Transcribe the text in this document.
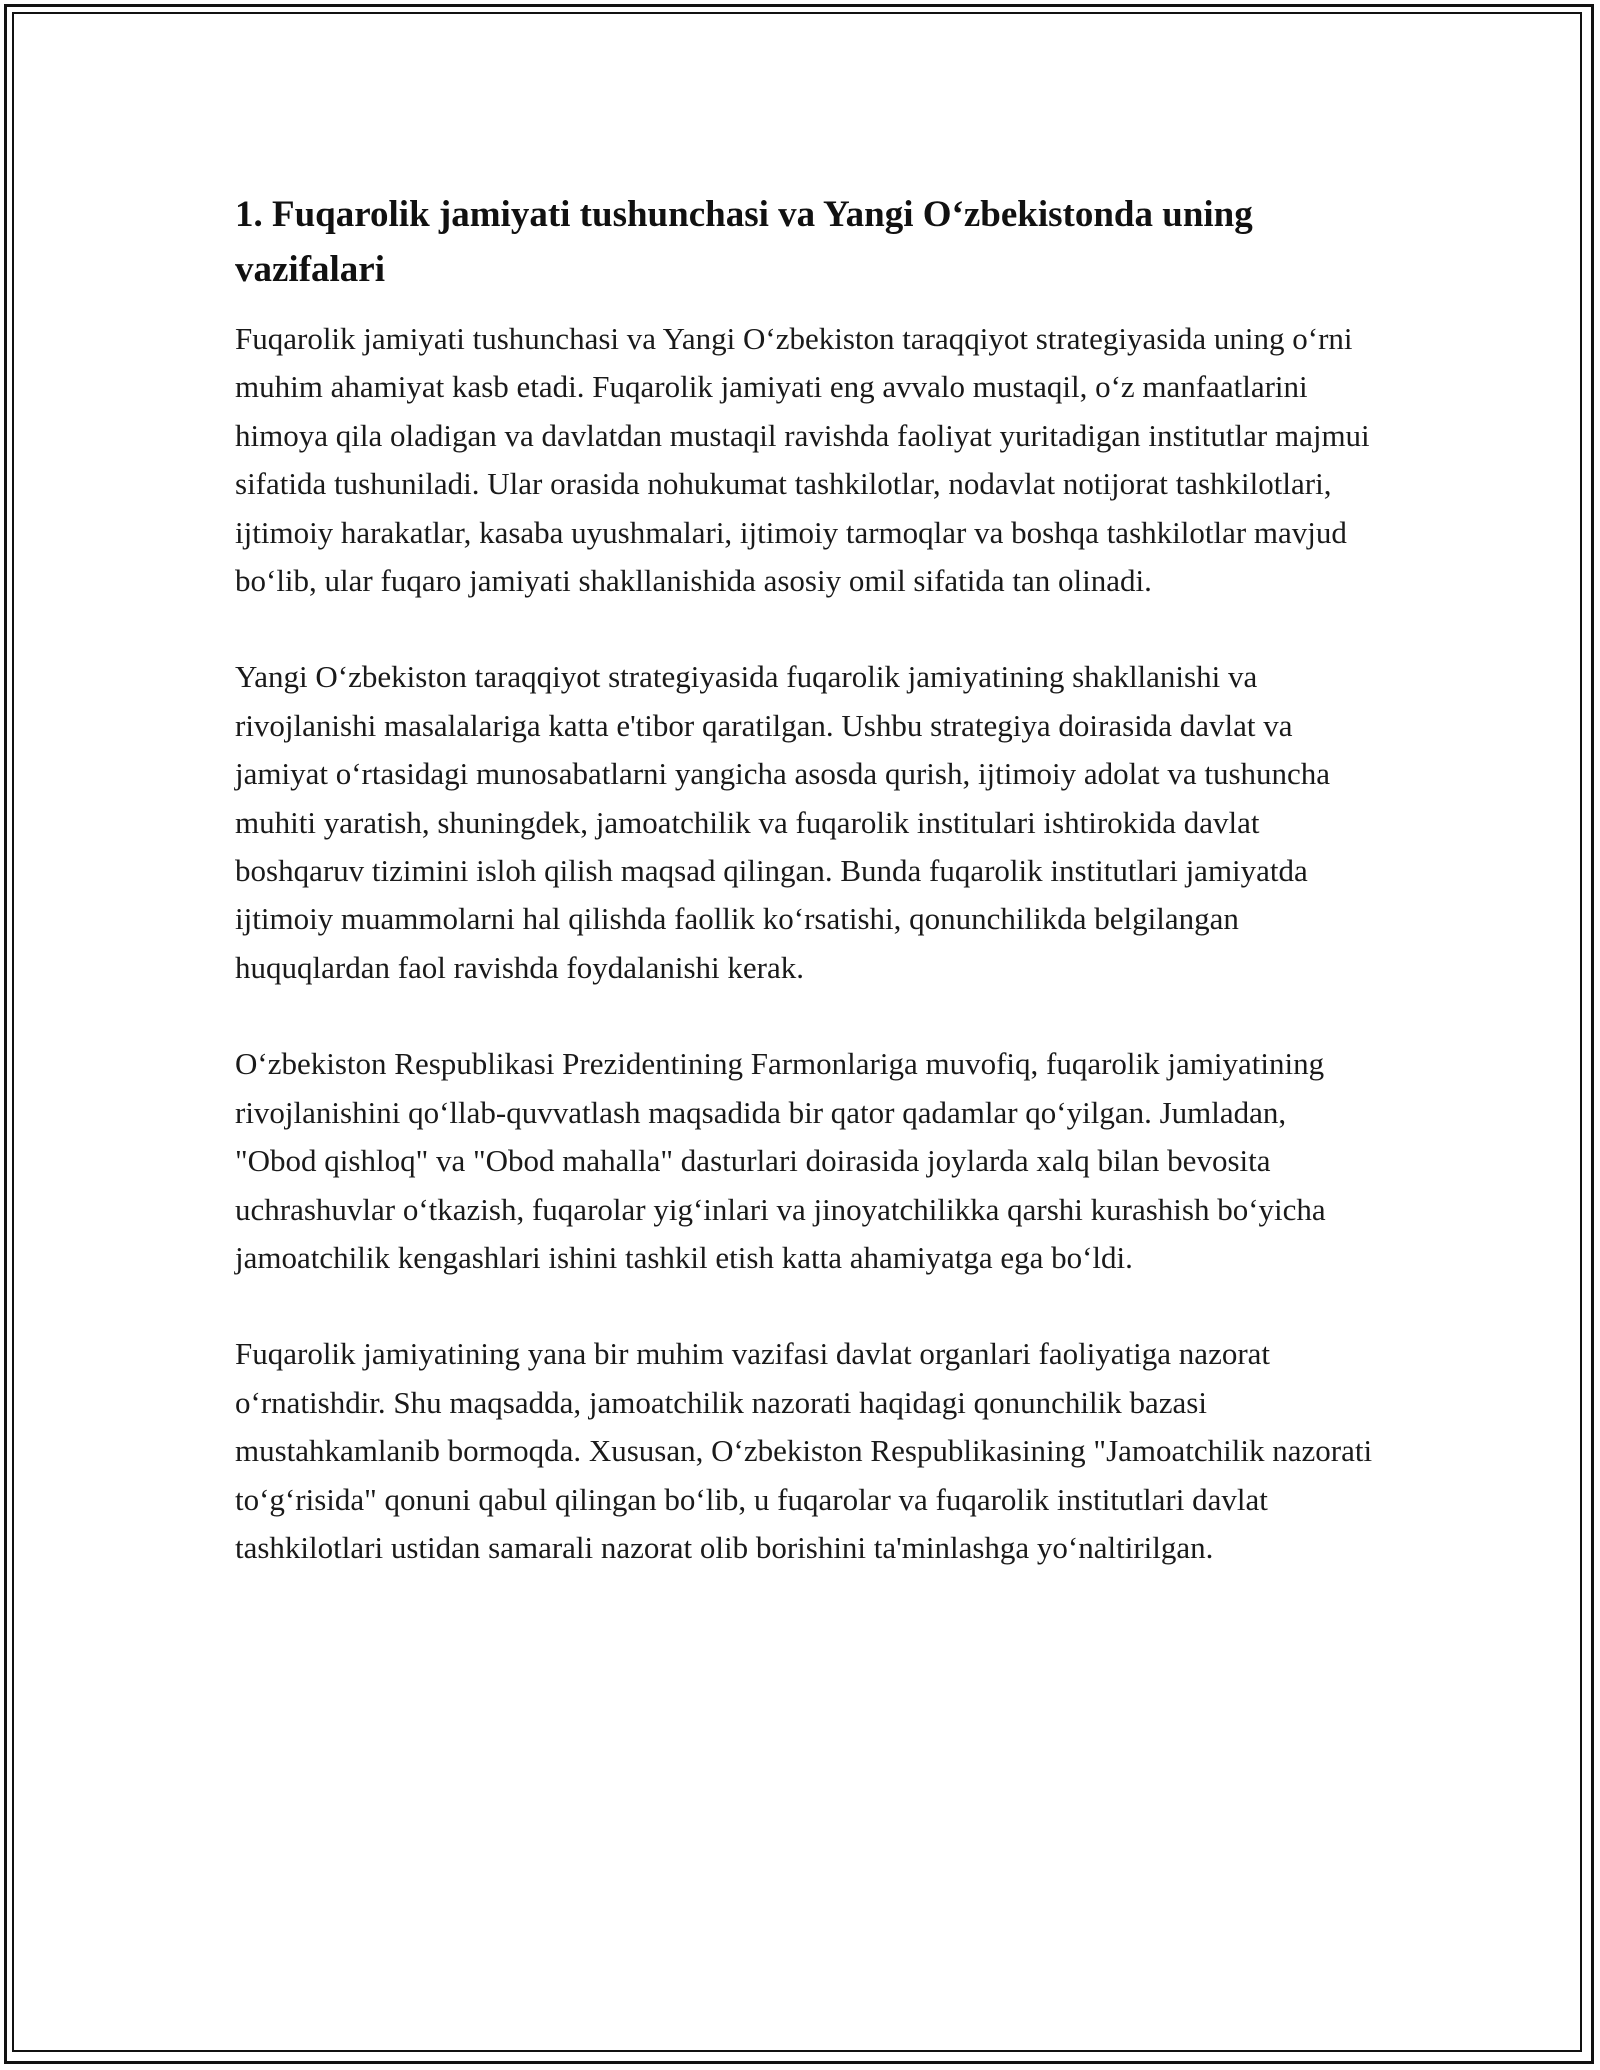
1. Fuqarolik jamiyati tushunchasi va Yangi O‘zbekistonda uning vazifalari

Fuqarolik jamiyati tushunchasi va Yangi O‘zbekiston taraqqiyot strategiyasida uning o‘rni muhim ahamiyat kasb etadi. Fuqarolik jamiyati eng avvalo mustaqil, o‘z manfaatlarini himoya qila oladigan va davlatdan mustaqil ravishda faoliyat yuritadigan institutlar majmui sifatida tushuniladi. Ular orasida nohukumat tashkilotlar, nodavlat notijorat tashkilotlari, ijtimoiy harakatlar, kasaba uyushmalari, ijtimoiy tarmoqlar va boshqa tashkilotlar mavjud bo‘lib, ular fuqaro jamiyati shakllanishida asosiy omil sifatida tan olinadi.

Yangi O‘zbekiston taraqqiyot strategiyasida fuqarolik jamiyatining shakllanishi va rivojlanishi masalalariga katta e'tibor qaratilgan. Ushbu strategiya doirasida davlat va jamiyat o‘rtasidagi munosabatlarni yangicha asosda qurish, ijtimoiy adolat va tushuncha muhiti yaratish, shuningdek, jamoatchilik va fuqarolik institulari ishtirokida davlat boshqaruv tizimini isloh qilish maqsad qilingan. Bunda fuqarolik institutlari jamiyatda ijtimoiy muammolarni hal qilishda faollik ko‘rsatishi, qonunchilikda belgilangan huquqlardan faol ravishda foydalanishi kerak.

O‘zbekiston Respublikasi Prezidentining Farmonlariga muvofiq, fuqarolik jamiyatining rivojlanishini qo‘llab-quvvatlash maqsadida bir qator qadamlar qo‘yilgan. Jumladan, "Obod qishloq" va "Obod mahalla" dasturlari doirasida joylarda xalq bilan bevosita uchrashuvlar o‘tkazish, fuqarolar yig‘inlari va jinoyatchilikka qarshi kurashish bo‘yicha jamoatchilik kengashlari ishini tashkil etish katta ahamiyatga ega bo‘ldi.

Fuqarolik jamiyatining yana bir muhim vazifasi davlat organlari faoliyatiga nazorat o‘rnatishdir. Shu maqsadda, jamoatchilik nazorati haqidagi qonunchilik bazasi mustahkamlanib bormoqda. Xususan, O‘zbekiston Respublikasining "Jamoatchilik nazorati to‘g‘risida" qonuni qabul qilingan bo‘lib, u fuqarolar va fuqarolik institutlari davlat tashkilotlari ustidan samarali nazorat olib borishini ta'minlashga yo‘naltirilgan.
